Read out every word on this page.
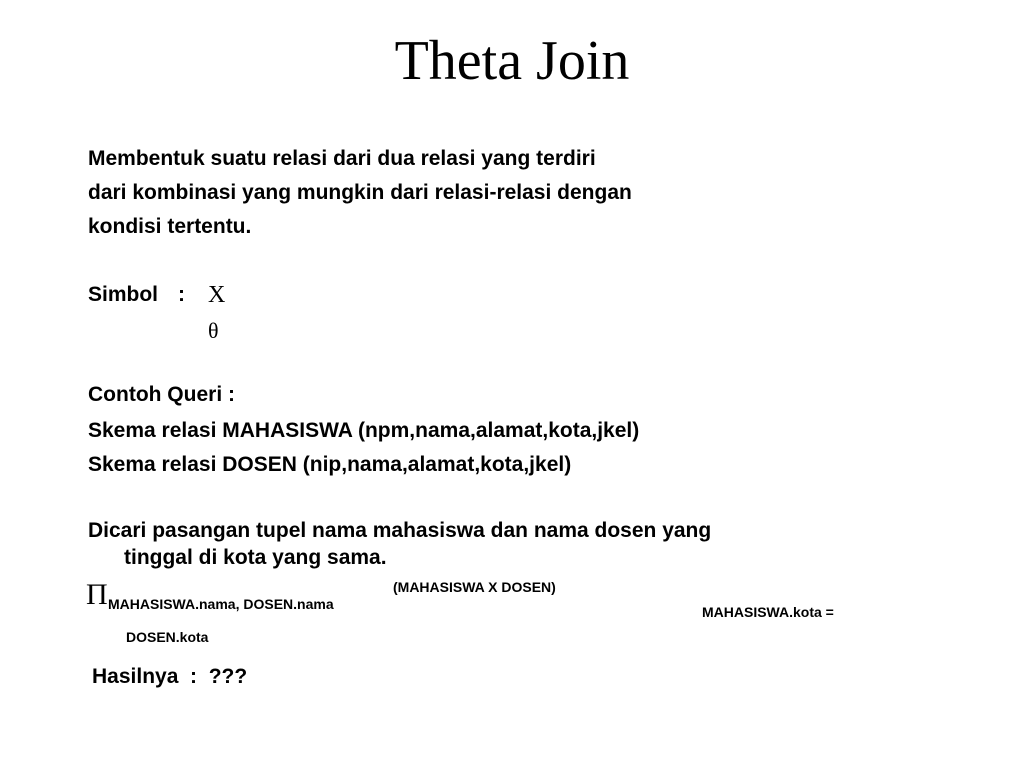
Theta Join
Membentuk suatu relasi dari dua relasi yang terdiri
dari kombinasi yang mungkin dari relasi-relasi dengan
kondisi tertentu.
Simbol : X
θ
Contoh Queri :
Skema relasi MAHASISWA (npm,nama,alamat,kota,jkel)
Skema relasi DOSEN (nip,nama,alamat,kota,jkel)
Dicari pasangan tupel nama mahasiswa dan nama dosen yang
tinggal di kota yang sama.
Π MAHASISWA.nama, DOSEN.nama
(MAHASISWA X DOSEN)
MAHASISWA.kota =
DOSEN.kota
Hasilnya  :  ???
